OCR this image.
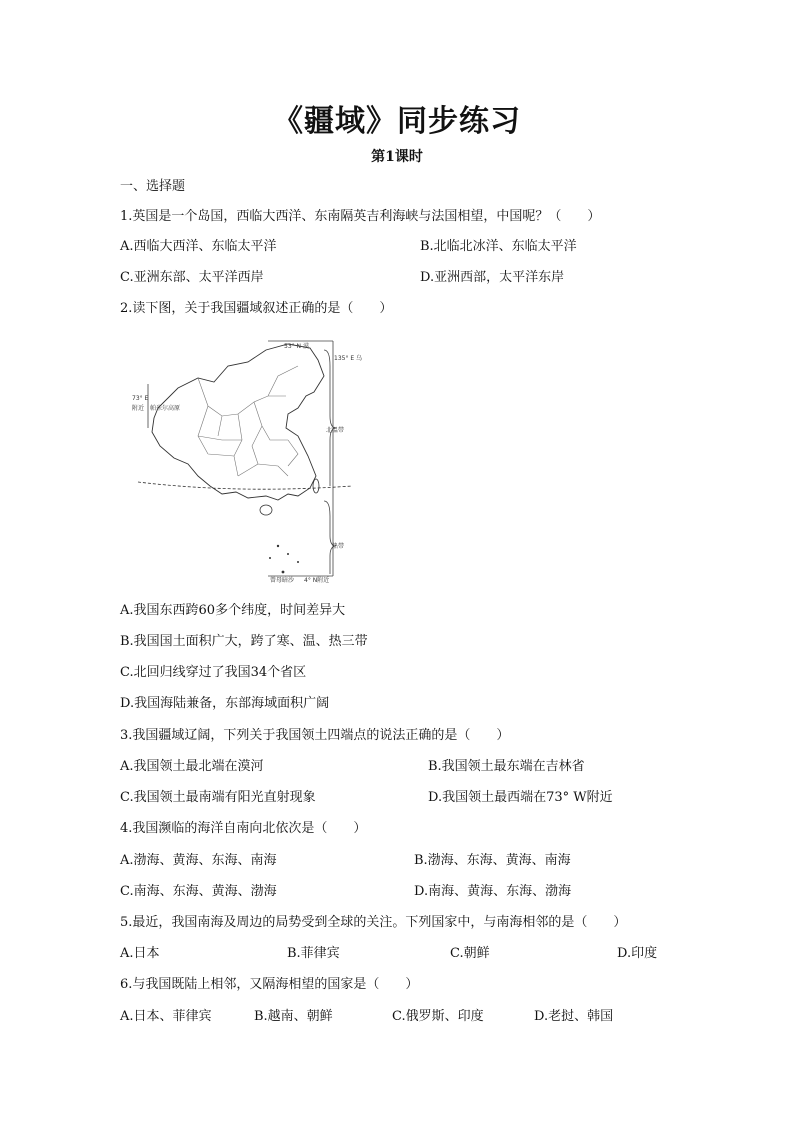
《疆域》同步练习
第1课时
一、选择题
1.英国是一个岛国，西临大西洋、东南隔英吉利海峡与法国相望，中国呢？（　　）
A.西临大西洋、东临太平洋	B.北临北冰洋、东临太平洋
C.亚洲东部、太平洋西岸	D.亚洲西部，太平洋东岸
2.读下图，关于我国疆域叙述正确的是（　　）
53° N 漠
135° E 乌
73° E
附近 帕米尔高原
北温带
热带
曾母暗沙 4° N附近
A.我国东西跨60多个纬度，时间差异大
B.我国国土面积广大，跨了寒、温、热三带
C.北回归线穿过了我国34个省区
D.我国海陆兼备，东部海域面积广阔
3.我国疆域辽阔，下列关于我国领土四端点的说法正确的是（　　）
A.我国领土最北端在漠河	B.我国领土最东端在吉林省
C.我国领土最南端有阳光直射现象	D.我国领土最西端在73° W附近
4.我国濒临的海洋自南向北依次是（　　）
A.渤海、黄海、东海、南海	B.渤海、东海、黄海、南海
C.南海、东海、黄海、渤海	D.南海、黄海、东海、渤海
5.最近，我国南海及周边的局势受到全球的关注。下列国家中，与南海相邻的是（　　）
A.日本	B.菲律宾	C.朝鲜	D.印度
6.与我国既陆上相邻，又隔海相望的国家是（　　）
A.日本、菲律宾	B.越南、朝鲜	C.俄罗斯、印度	D.老挝、韩国
